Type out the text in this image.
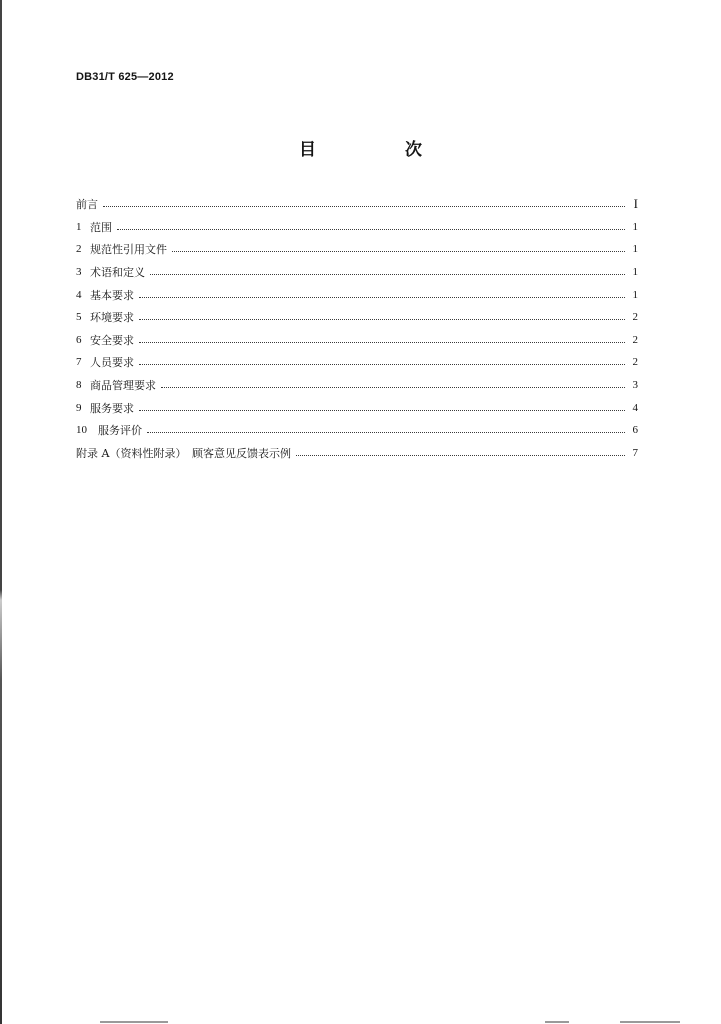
DB31/T 625—2012
目　次
前言	I
1 范围	1
2 规范性引用文件	1
3 术语和定义	1
4 基本要求	1
5 环境要求	2
6 安全要求	2
7 人员要求	2
8 商品管理要求	3
9 服务要求	4
10	服务评价	6
附录 A（资料性附录）　顾客意见反馈表示例	7
